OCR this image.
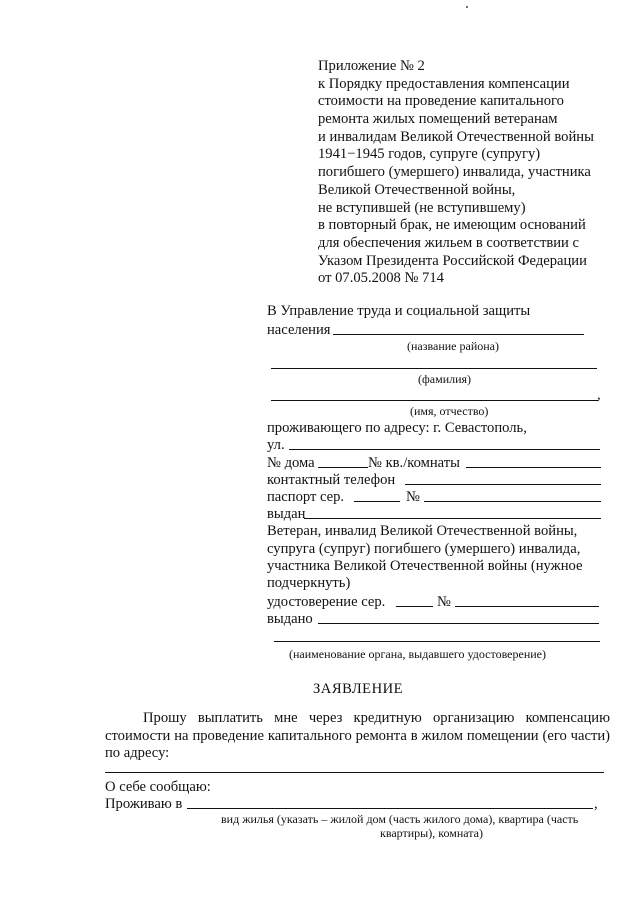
Приложение № 2
к Порядку предоставления компенсации
стоимости на проведение капитального
ремонта жилых помещений ветеранам
и инвалидам Великой Отечественной войны
1941−1945 годов, супруге (супругу)
погибшего (умершего) инвалида, участника
Великой Отечественной войны,
не вступившей (не вступившему)
в повторный брак, не имеющим оснований
для обеспечения жильем в соответствии с
Указом Президента Российской Федерации
от 07.05.2008 № 714
В Управление труда и социальной защиты
населения
(название района)
(фамилия)
,
(имя, отчество)
проживающего по адресу: г. Севастополь,
ул.
№ дома	№ кв./комнаты
контактный телефон
паспорт сер.	№
выдан
Ветеран, инвалид Великой Отечественной войны,
супруга (супруг) погибшего (умершего) инвалида,
участника Великой Отечественной войны (нужное
подчеркнуть)
удостоверение сер.	№
выдано
(наименование органа, выдавшего удостоверение)
ЗАЯВЛЕНИЕ
Прошу выплатить мне через кредитную организацию компенсацию стоимости на проведение капитального ремонта в жилом помещении (его части) по адресу:
О себе сообщаю:
Проживаю в	,
вид жилья (указать – жилой дом (часть жилого дома), квартира (часть
квартиры), комната)
